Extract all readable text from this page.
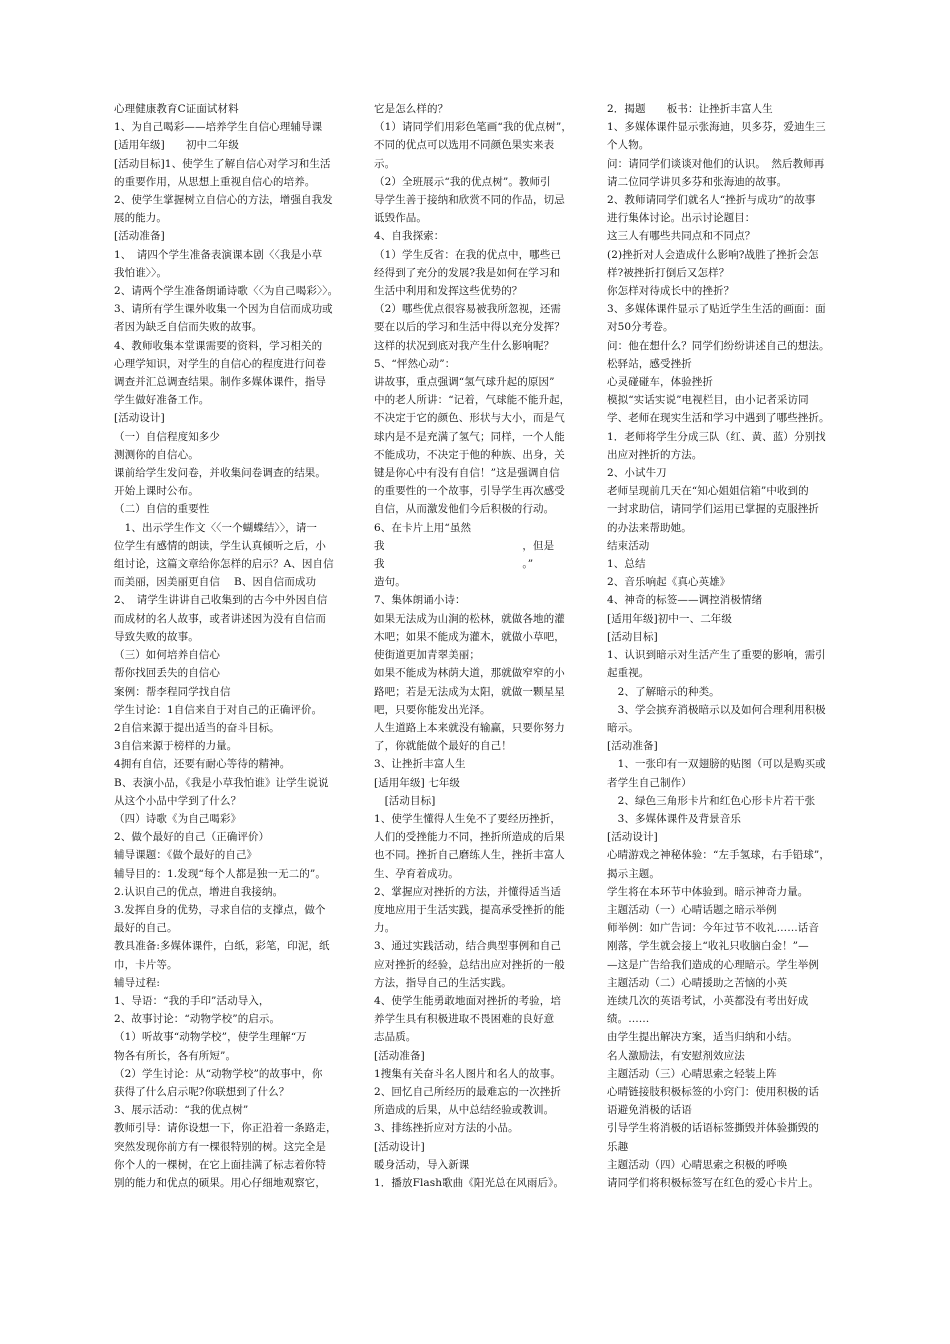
心理健康教育C证面试材料
1、为自己喝彩——培养学生自信心理辅导课
[适用年级]　　初中二年级
[活动目标]1、使学生了解自信心对学习和生活
的重要作用，从思想上重视自信心的培养。
2、使学生掌握树立自信心的方法，增强自我发
展的能力。
[活动准备]
1、　请四个学生准备表演课本剧〈〈我是小草
我怕谁〉〉。
2、请两个学生准备朗诵诗歌〈〈为自己喝彩〉〉。
3、请所有学生课外收集一个因为自信而成功或
者因为缺乏自信而失败的故事。
4、教师收集本堂课需要的资料，学习相关的
心理学知识，对学生的自信心的程度进行问卷
调查并汇总调查结果。制作多媒体课件，指导
学生做好准备工作。
[活动设计]
（一）自信程度知多少
测测你的自信心。
课前给学生发问卷，并收集问卷调查的结果。
开始上课时公布。
（二）自信的重要性
　1、出示学生作文〈〈一个蝴蝶结〉〉，请一
位学生有感情的朗读，学生认真倾听之后，小
组讨论，这篇文章给你怎样的启示？A、因自信
而美丽，因美丽更自信　 B、因自信而成功
2、　请学生讲讲自己收集到的古今中外因自信
而成材的名人故事，或者讲述因为没有自信而
导致失败的故事。
（三）如何培养自信心
帮你找回丢失的自信心
案例：帮李程同学找自信
学生讨论：1自信来自于对自己的正确评价。
2自信来源于提出适当的奋斗目标。
3自信来源于榜样的力量。
4拥有自信，还要有耐心等待的精神。
B、表演小品，《我是小草我怕谁》让学生说说
从这个小品中学到了什么？
（四）诗歌《为自己喝彩》
2、做个最好的自己（正确评价）
辅导课题：《做个最好的自己》
辅导目的：1.发现“每个人都是独一无二的”。
2.认识自己的优点，增进自我接纳。
3.发挥自身的优势，寻求自信的支撑点，做个
最好的自己。
教具准备:多媒体课件，白纸，彩笔，印泥，纸
巾，卡片等。
辅导过程:
1、导语：“我的手印”活动导入，
2、故事讨论：“动物学校”的启示。
（1）听故事“动物学校”，使学生理解“万
物各有所长，各有所短”。
（2）学生讨论：从“动物学校”的故事中，你
获得了什么启示呢?你联想到了什么？
3、展示活动：“我的优点树”
教师引导：请你设想一下，你正沿着一条路走，
突然发现你前方有一棵很特别的树。这完全是
你个人的一棵树，在它上面挂满了标志着你特
别的能力和优点的硕果。用心仔细地观察它，
它是怎么样的？
（1）请同学们用彩色笔画“我的优点树”，
不同的优点可以选用不同颜色果实来表
示。
（2）全班展示“我的优点树”。教师引
导学生善于接纳和欣赏不同的作品，切忌
诋毁作品。
4、自我探索：
（1）学生反省：在我的优点中，哪些已
经得到了充分的发展?我是如何在学习和
生活中利用和发挥这些优势的？
（2）哪些优点很容易被我所忽视，还需
要在以后的学习和生活中得以充分发挥？
这样的状况到底对我产生什么影响呢？
5、“怦然心动”：
讲故事，重点强调“氢气球升起的原因”
中的老人所讲：“记着，气球能不能升起，
不决定于它的颜色、形状与大小，而是气
球内是不是充满了氢气；同样，一个人能
不能成功，不决定于他的种族、出身，关
键是你心中有没有自信！”这是强调自信
的重要性的一个故事，引导学生再次感受
自信，从而激发他们今后积极的行动。
6、在卡片上用“虽然
我　　　　　　　　　　　　　，但是
我　　　　　　　　　　　　　。”
造句。
7、集体朗诵小诗：
如果无法成为山涧的松林，就做各地的灌
木吧；如果不能成为灌木，就做小草吧，
使街道更加青翠美丽；
如果不能成为林荫大道，那就做窄窄的小
路吧；若是无法成为太阳，就做一颗星星
吧，只要你能发出光泽。
人生道路上本来就没有输赢，只要你努力
了，你就能做个最好的自己！
3、让挫折丰富人生
[适用年级] 七年级
　[活动目标]
1、使学生懂得人生免不了要经历挫折，
人们的受挫能力不同，挫折所造成的后果
也不同。挫折自己磨练人生，挫折丰富人
生、孕育着成功。
2、掌握应对挫折的方法，并懂得适当适
度地应用于生活实践，提高承受挫折的能
力。
3、通过实践活动，结合典型事例和自己
应对挫折的经验，总结出应对挫折的一般
方法，指导自己的生活实践。
4、使学生能勇敢地面对挫折的考验，培
养学生具有积极进取不畏困难的良好意
志品质。
[活动准备]
1搜集有关奋斗名人图片和名人的故事。
2、回忆自己所经历的最难忘的一次挫折
所造成的后果，从中总结经验或教训。
3、排练挫折应对方法的小品。
[活动设计]
暖身活动，导入新课
1．播放Flash歌曲《阳光总在风雨后》。
2．揭题　　板书：让挫折丰富人生
1、多媒体课件显示张海迪，贝多芬，爱迪生三
个人物。
问：请同学们谈谈对他们的认识。　然后教师再
请二位同学讲贝多芬和张海迪的故事。
2、教师请同学们就名人“挫折与成功”的故事
进行集体讨论。出示讨论题目：
这三人有哪些共同点和不同点？
(2)挫折对人会造成什么影响?战胜了挫折会怎
样?被挫折打倒后又怎样？
你怎样对待成长中的挫折？
3、多媒体课件显示了贴近学生生活的画面：面
对50分考卷。
问：他在想什么？同学们纷纷讲述自己的想法。
松驿站，感受挫折
心灵碰碰车，体验挫折
模拟“实话实说”电视栏目，由小记者采访同
学、老师在现实生活和学习中遇到了哪些挫折。
1．老师将学生分成三队（红、黄、蓝）分别找
出应对挫折的方法。
2、小试牛刀
老师呈现前几天在“知心姐姐信箱”中收到的
一封求助信，请同学们运用已掌握的克服挫折
的办法来帮助她。
结束活动
1、总结
2、音乐响起《真心英雄》
4、神奇的标签——调控消极情绪
[适用年级]初中一、二年级
[活动目标]
1、认识到暗示对生活产生了重要的影响，需引
起重视。
　2、了解暗示的种类。
　3、学会摈弃消极暗示以及如何合理利用积极
暗示。
[活动准备]
　1、一张印有一双翅膀的贴图（可以是购买或
者学生自己制作）
　2、绿色三角形卡片和红色心形卡片若干张
　3、多媒体课件及背景音乐
[活动设计]
心晴游戏之神秘体验：“左手氢球，右手铅球”，
揭示主题。
学生将在本环节中体验到。暗示神奇力量。
主题活动（一）心晴话题之暗示举例
师举例：如广告词：今年过节不收礼……话音
刚落，学生就会接上“收礼只收脑白金！”—
—这是广告给我们造成的心理暗示。学生举例
主题活动（二）心晴援助之苦恼的小英
连续几次的英语考试，小英都没有考出好成
绩。……
由学生提出解决方案，适当归纳和小结。
名人激励法，有安慰剂效应法
主题活动（三）心晴思索之轻装上阵
心晴链接肢积极标签的小窍门：使用积极的话
语避免消极的话语
引导学生将消极的话语标签撕毁并体验撕毁的
乐趣
主题活动（四）心晴思索之积极的呼唤
请同学们将积极标签写在红色的爱心卡片上。
